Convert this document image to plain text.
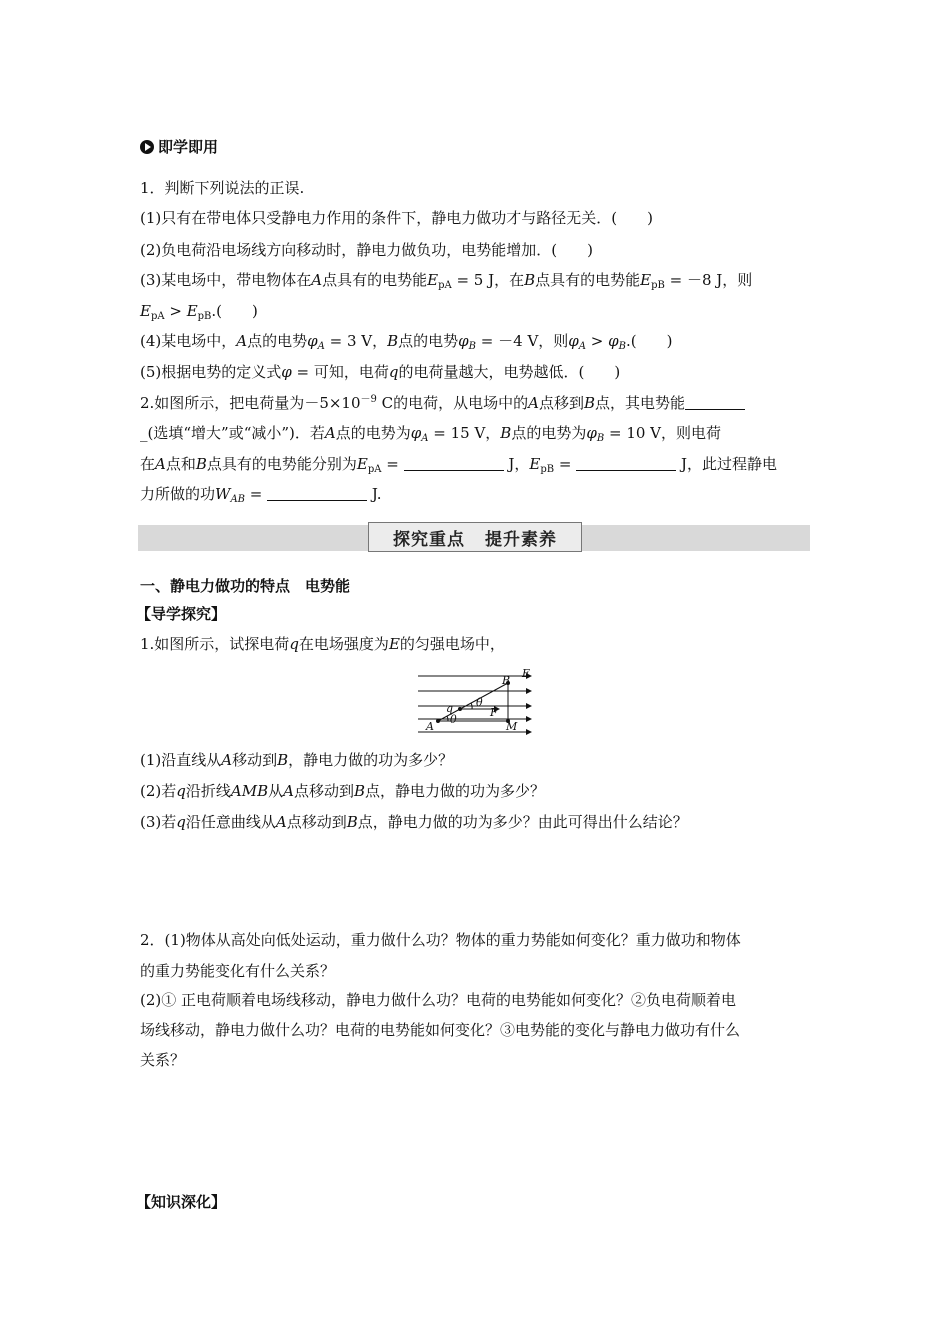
即学即用
1．判断下列说法的正误.
(1)只有在带电体只受静电力作用的条件下，静电力做功才与路径无关．(　　)
(2)负电荷沿电场线方向移动时，静电力做负功，电势能增加．(　　)
(3)某电场中，带电物体在A点具有的电势能$E_{pA} = 5$ J，在B点具有的电势能$E_{pB} = -8$ J，则
$E_{pA} > E_{pB}$.(　　)
(4)某电场中，A点的电势$\varphi_A = 3$ V，B点的电势$\varphi_B = -4$ V，则$\varphi_A > \varphi_B$.(　　)
(5)根据电势的定义式φ = 可知，电荷q的电荷量越大，电势越低．(　　)
2.如图所示，把电荷量为$-5\times 10^{-9}$ C的电荷，从电场中的A点移到B点，其电势能
_(选填“增大”或“减小”)．若A点的电势为$\varphi_A = 15$ V，B点的电势为$\varphi_B = 10$ V，则电荷
在A点和B点具有的电势能分别为$E_{pA}$ =	J，$E_{pB}$ =	J，此过程静电
力所做的功$W_{AB}$ =	J.
探究重点 提升素养
一、静电力做功的特点　电势能
【导学探究】
1.如图所示，试探电荷q在电场强度为E的匀强电场中，
B
E
q θ
F
A
θ
M
(1)沿直线从A移动到B，静电力做的功为多少？
(2)若q沿折线AMB从A点移动到B点，静电力做的功为多少？
(3)若q沿任意曲线从A点移动到B点，静电力做的功为多少？由此可得出什么结论？
2．(1)物体从高处向低处运动，重力做什么功？物体的重力势能如何变化？重力做功和物体
的重力势能变化有什么关系？
(2)① 正电荷顺着电场线移动，静电力做什么功？电荷的电势能如何变化？②负电荷顺着电
场线移动，静电力做什么功？电荷的电势能如何变化？③电势能的变化与静电力做功有什么
关系？
【知识深化】
